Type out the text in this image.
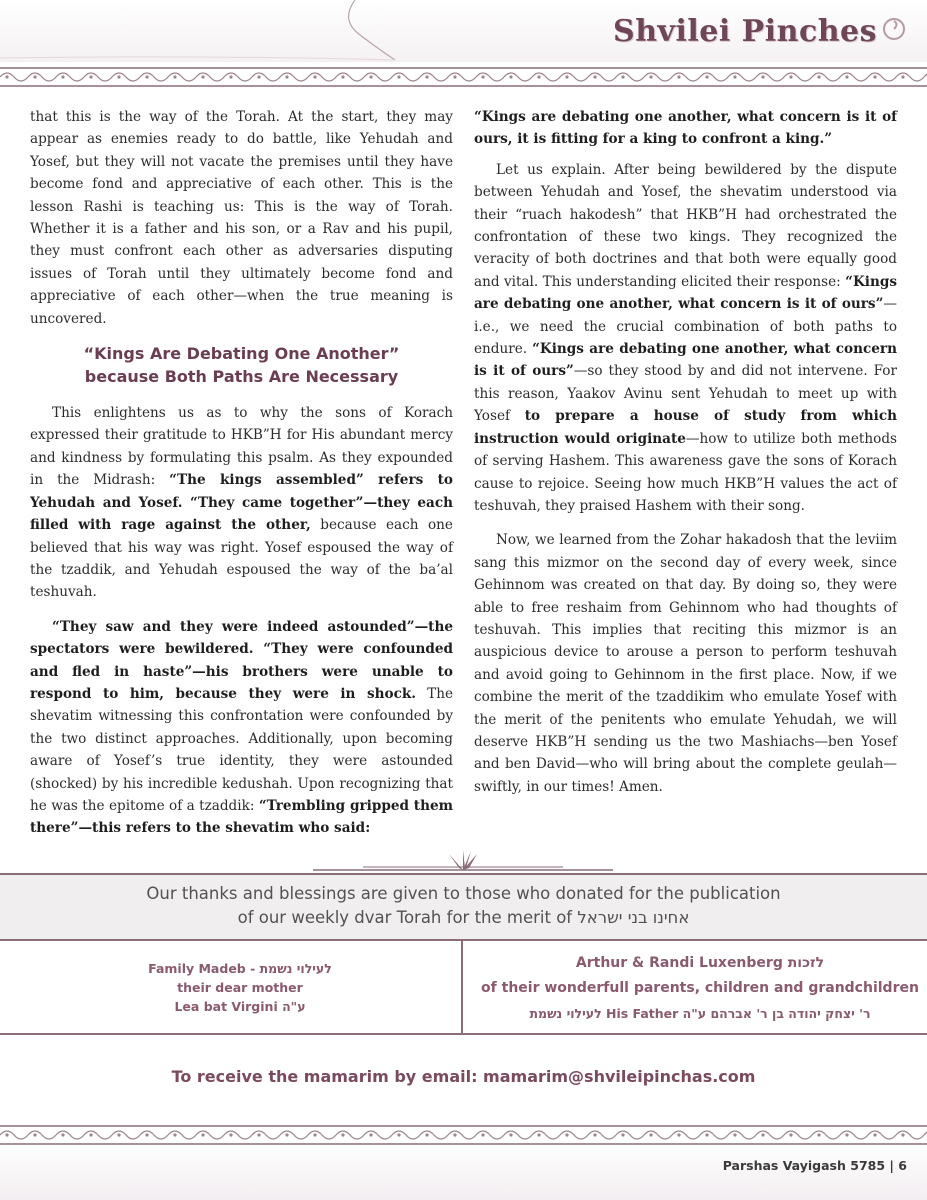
Shvilei Pinches

that this is the way of the Torah. At the start, they may appear as enemies ready to do battle, like Yehudah and Yosef, but they will not vacate the premises until they have become fond and appreciative of each other. This is the lesson Rashi is teaching us: This is the way of Torah. Whether it is a father and his son, or a Rav and his pupil, they must confront each other as adversaries disputing issues of Torah until they ultimately become fond and appreciative of each other—when the true meaning is uncovered.

“Kings Are Debating One Another”
because Both Paths Are Necessary

This enlightens us as to why the sons of Korach expressed their gratitude to HKB”H for His abundant mercy and kindness by formulating this psalm. As they expounded in the Midrash: “The kings assembled” refers to Yehudah and Yosef. “They came together”—they each filled with rage against the other, because each one believed that his way was right. Yosef espoused the way of the tzaddik, and Yehudah espoused the way of the ba’al teshuvah.

“They saw and they were indeed astounded”—the spectators were bewildered. “They were confounded and fled in haste”—his brothers were unable to respond to him, because they were in shock. The shevatim witnessing this confrontation were confounded by the two distinct approaches. Additionally, upon becoming aware of Yosef’s true identity, they were astounded (shocked) by his incredible kedushah. Upon recognizing that he was the epitome of a tzaddik: “Trembling gripped them there”—this refers to the shevatim who said:

“Kings are debating one another, what concern is it of ours, it is fitting for a king to confront a king.”

Let us explain. After being bewildered by the dispute between Yehudah and Yosef, the shevatim understood via their “ruach hakodesh” that HKB”H had orchestrated the confrontation of these two kings. They recognized the veracity of both doctrines and that both were equally good and vital. This understanding elicited their response: “Kings are debating one another, what concern is it of ours”—i.e., we need the crucial combination of both paths to endure. “Kings are debating one another, what concern is it of ours”—so they stood by and did not intervene. For this reason, Yaakov Avinu sent Yehudah to meet up with Yosef to prepare a house of study from which instruction would originate—how to utilize both methods of serving Hashem. This awareness gave the sons of Korach cause to rejoice. Seeing how much HKB”H values the act of teshuvah, they praised Hashem with their song.

Now, we learned from the Zohar hakadosh that the leviim sang this mizmor on the second day of every week, since Gehinnom was created on that day. By doing so, they were able to free reshaim from Gehinnom who had thoughts of teshuvah. This implies that reciting this mizmor is an auspicious device to arouse a person to perform teshuvah and avoid going to Gehinnom in the first place. Now, if we combine the merit of the tzaddikim who emulate Yosef with the merit of the penitents who emulate Yehudah, we will deserve HKB”H sending us the two Mashiachs—ben Yosef and ben David—who will bring about the complete geulah—swiftly, in our times! Amen.

Our thanks and blessings are given to those who donated for the publication
of our weekly dvar Torah for the merit of אחינו בני ישראל
Family Madeb - לעילוי נשמת
their dear mother
Lea bat Virgini ע"ה
Arthur & Randi Luxenberg לזכות
of their wonderfull parents, children and grandchildren
לעילוי נשמת His Father ר' יצחק יהודה בן ר' אברהם ע"ה
To receive the mamarim by email: mamarim@shvileipinchas.com
Parshas Vayigash 5785 | 6
